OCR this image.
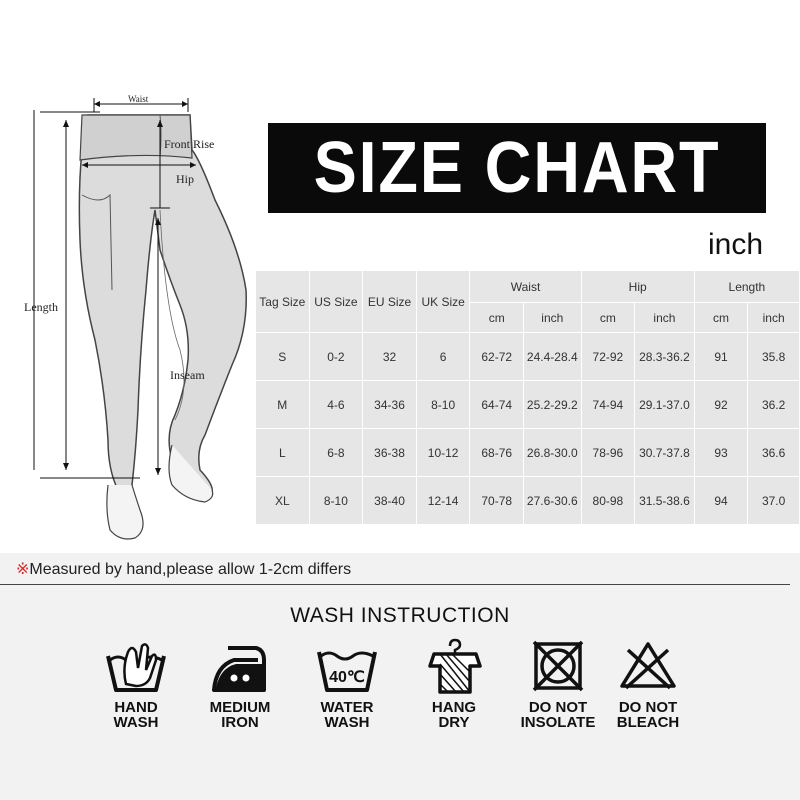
Waist
Front Rise
Hip
Length
Inseam
SIZE CHART
inch
Tag Size	US Size	EU Size	UK Size	Waist		Hip		Length	
				cm	inch	cm	inch	cm	inch
S	0-2	32	6	62-72	24.4-28.4	72-92	28.3-36.2	91	35.8
M	4-6	34-36	8-10	64-74	25.2-29.2	74-94	29.1-37.0	92	36.2
L	6-8	36-38	10-12	68-76	26.8-30.0	78-96	30.7-37.8	93	36.6
XL	8-10	38-40	12-14	70-78	27.6-30.6	80-98	31.5-38.6	94	37.0
※Measured by hand,please allow 1-2cm differs
WASH INSTRUCTION
HAND
WASH
MEDIUM
IRON
40℃
WATER
WASH
HANG
DRY
DO NOT
INSOLATE
DO NOT
BLEACH
